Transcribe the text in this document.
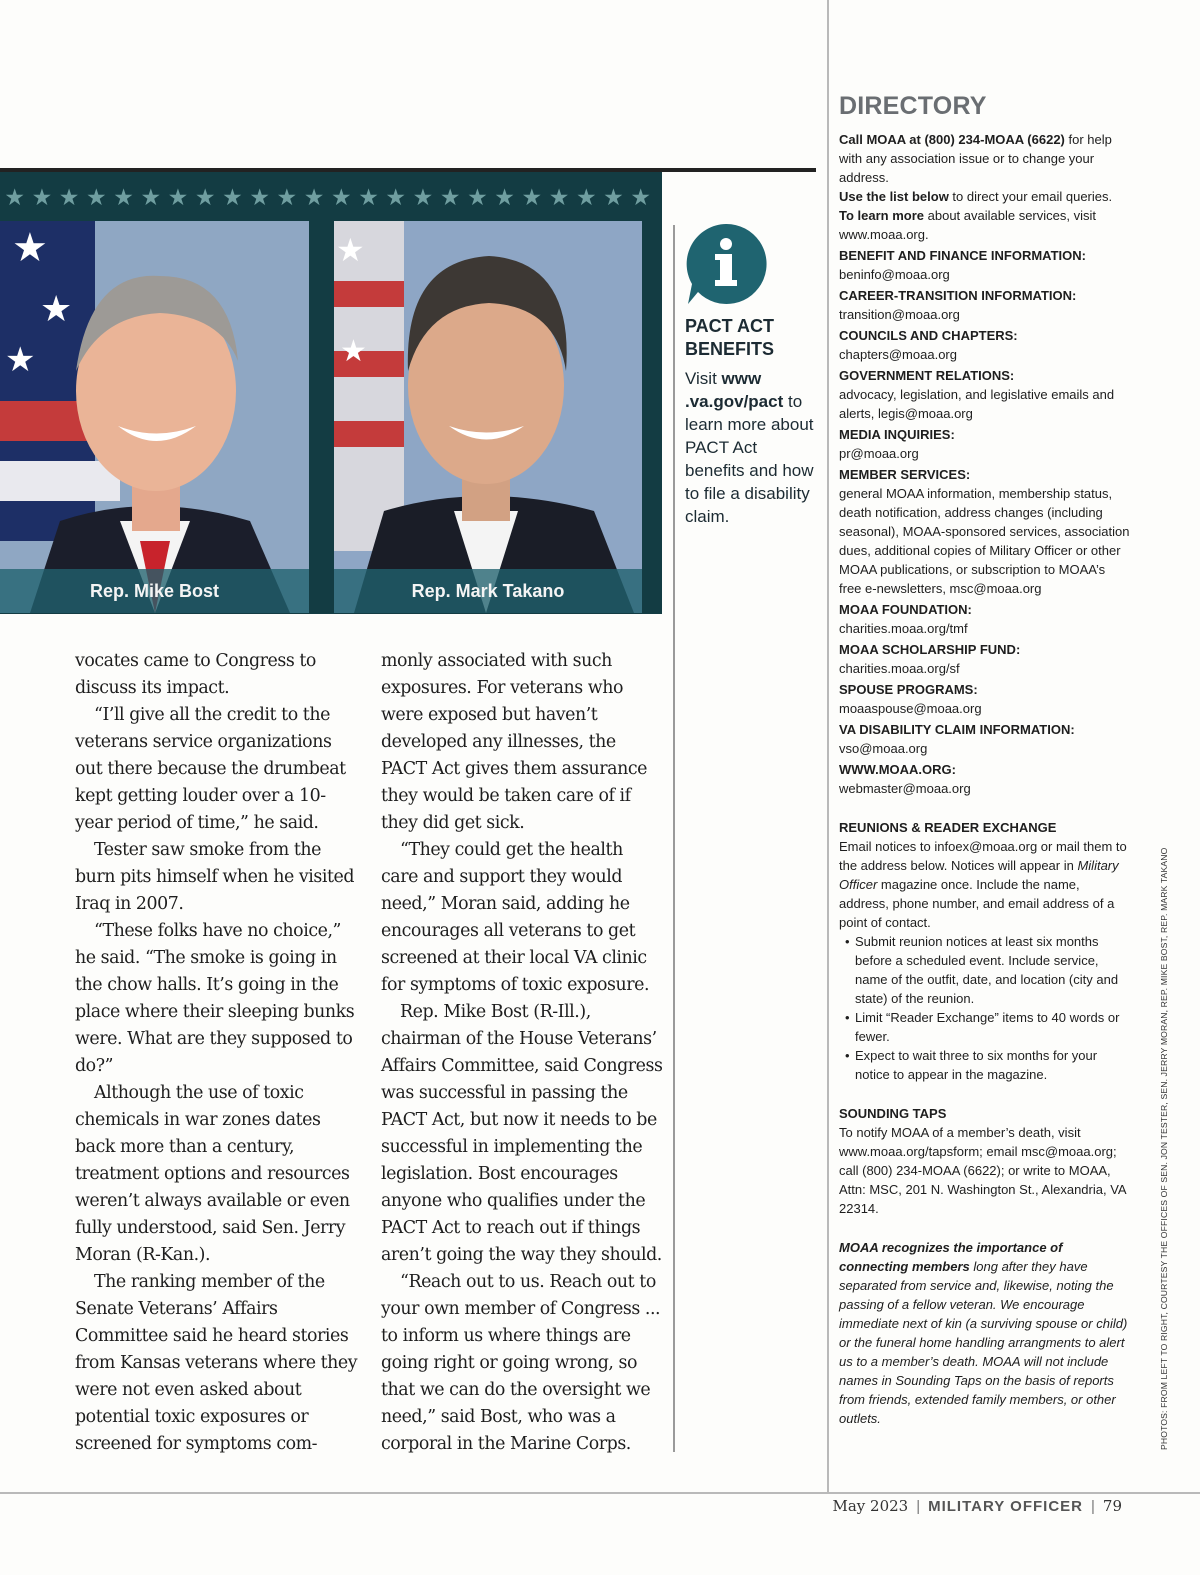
★★★★★★★★★★★★★★★★★★★★★★★★
★
★
★
Rep. Mike Bost
★
★
Rep. Mark Takano
PACT ACT BENEFITS
Visit www .va.gov/pact to learn more about PACT Act benefits and how to file a disability claim.

vocates came to Congress to discuss its impact.

“I’ll give all the credit to the veterans service organizations out there because the drumbeat kept getting louder over a 10-year period of time,” he said.

Tester saw smoke from the burn pits himself when he visited Iraq in 2007.

“These folks have no choice,” he said. “The smoke is going in the chow halls. It’s going in the place where their sleeping bunks were. What are they supposed to do?”

Although the use of toxic chemicals in war zones dates back more than a century, treatment options and resources weren’t always available or even fully understood, said Sen. Jerry Moran (R-Kan.).

The ranking member of the Senate Veterans’ Affairs Committee said he heard stories from Kansas veterans where they were not even asked about potential toxic exposures or screened for symptoms com-

monly associated with such exposures. For veterans who were exposed but haven’t developed any illnesses, the PACT Act gives them assurance they would be taken care of if they did get sick.

“They could get the health care and support they would need,” Moran said, adding he encourages all veterans to get screened at their local VA clinic for symptoms of toxic exposure.

Rep. Mike Bost (R-Ill.), chairman of the House Veterans’ Affairs Committee, said Congress was successful in passing the PACT Act, but now it needs to be successful in implementing the legislation. Bost encourages anyone who qualifies under the PACT Act to reach out if things aren’t going the way they should.

“Reach out to us. Reach out to your own member of Congress ... to inform us where things are going right or going wrong, so that we can do the oversight we need,” said Bost, who was a corporal in the Marine Corps.

DIRECTORY

Call MOAA at (800) 234-MOAA (6622) for help with any association issue or to change your address.

Use the list below to direct your email queries.

To learn more about available services, visit www.moaa.org.

BENEFIT AND FINANCE INFORMATION:

beninfo@moaa.org

CAREER-TRANSITION INFORMATION:

transition@moaa.org

COUNCILS AND CHAPTERS:

chapters@moaa.org

GOVERNMENT RELATIONS:

advocacy, legislation, and legislative emails and alerts, legis@moaa.org

MEDIA INQUIRIES:

pr@moaa.org

MEMBER SERVICES:

general MOAA information, membership status, death notification, address changes (including seasonal), MOAA-sponsored services, association dues, additional copies of Military Officer or other MOAA publications, or subscription to MOAA’s free e-newsletters, msc@moaa.org

MOAA FOUNDATION:

charities.moaa.org/tmf

MOAA SCHOLARSHIP FUND:

charities.moaa.org/sf

SPOUSE PROGRAMS:

moaaspouse@moaa.org

VA DISABILITY CLAIM INFORMATION:

vso@moaa.org

WWW.MOAA.ORG:

webmaster@moaa.org

REUNIONS & READER EXCHANGE

Email notices to infoex@moaa.org or mail them to the address below. Notices will appear in Military Officer magazine once. Include the name, address, phone number, and email address of a point of contact.

• Submit reunion notices at least six months before a scheduled event. Include service, name of the outfit, date, and location (city and state) of the reunion.
• Limit “Reader Exchange” items to 40 words or fewer.
• Expect to wait three to six months for your notice to appear in the magazine.

SOUNDING TAPS

To notify MOAA of a member’s death, visit www.moaa.org/tapsform; email msc@moaa.org; call (800) 234-MOAA (6622); or write to MOAA, Attn: MSC, 201 N. Washington St., Alexandria, VA 22314.

MOAA recognizes the importance of connecting members long after they have separated from service and, likewise, noting the passing of a fellow veteran. We encourage immediate next of kin (a surviving spouse or child) or the funeral home handling arrangments to alert us to a member’s death. MOAA will not include names in Sounding Taps on the basis of reports from friends, extended family members, or other outlets.	PHOTOS: FROM LEFT TO RIGHT, COURTESY THE OFFICES OF SEN. JON TESTER, SEN. JERRY MORAN, REP. MIKE BOST, REP. MARK TAKANO
May 2023 | MILITARY OFFICER | 79
